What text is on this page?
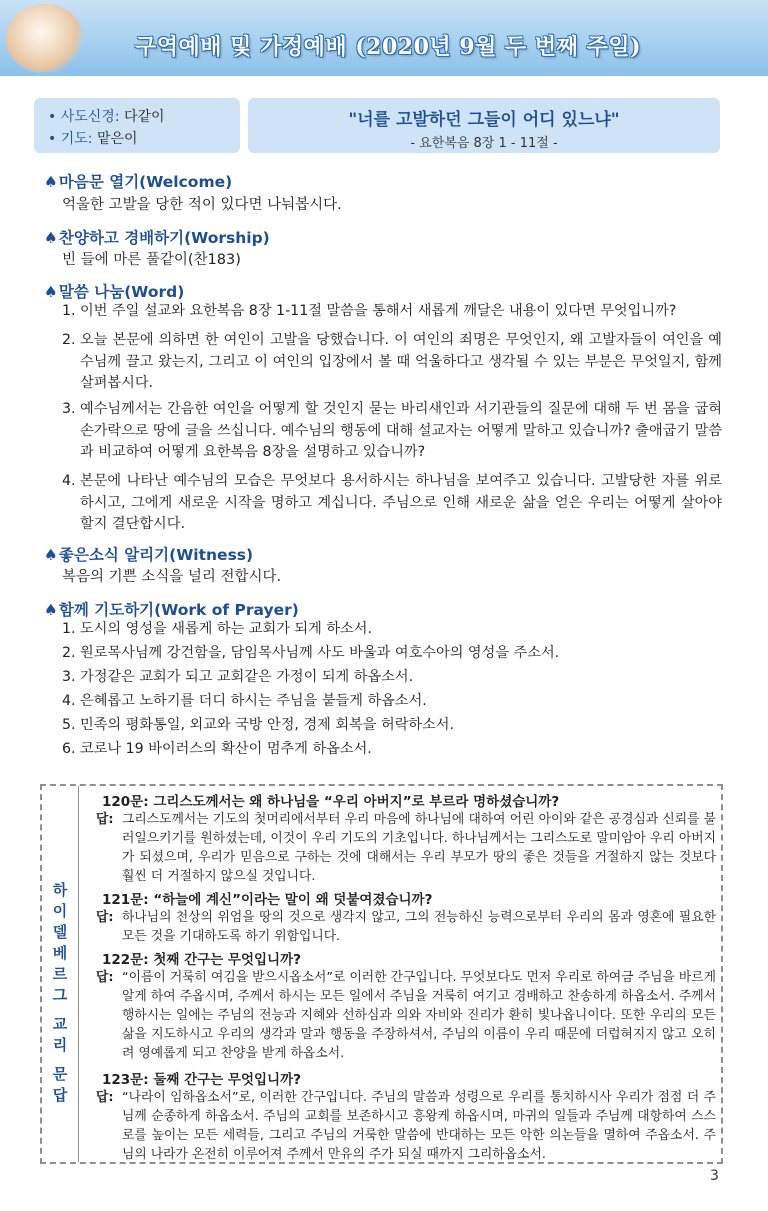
구역예배 및 가정예배 (2020년 9월 두 번째 주일)
• 사도신경: 다같이
• 기도: 맡은이
"너를 고발하던 그들이 어디 있느냐"
- 요한복음 8장 1 - 11절 -
♠마음문 열기(Welcome)
억울한 고발을 당한 적이 있다면 나눠봅시다.
♠찬양하고 경배하기(Worship)
빈 들에 마른 풀같이(찬183)
♠말씀 나눔(Word)
1. 이번 주일 설교와 요한복음 8장 1-11절 말씀을 통해서 새롭게 깨달은 내용이 있다면 무엇입니까?
2. 오늘 본문에 의하면 한 여인이 고발을 당했습니다. 이 여인의 죄명은 무엇인지, 왜 고발자들이 여인을 예수님께 끌고 왔는지, 그리고 이 여인의 입장에서 볼 때 억울하다고 생각될 수 있는 부분은 무엇일지, 함께 살펴봅시다.
3. 예수님께서는 간음한 여인을 어떻게 할 것인지 묻는 바리새인과 서기관들의 질문에 대해 두 번 몸을 굽혀 손가락으로 땅에 글을 쓰십니다. 예수님의 행동에 대해 설교자는 어떻게 말하고 있습니까? 출애굽기 말씀과 비교하여 어떻게 요한복음 8장을 설명하고 있습니까?
4. 본문에 나타난 예수님의 모습은 무엇보다 용서하시는 하나님을 보여주고 있습니다. 고발당한 자를 위로하시고, 그에게 새로운 시작을 명하고 계십니다. 주님으로 인해 새로운 삶을 얻은 우리는 어떻게 살아야할지 결단합시다.
♠좋은소식 알리기(Witness)
복음의 기쁜 소식을 널리 전합시다.
♠함께 기도하기(Work of Prayer)
1. 도시의 영성을 새롭게 하는 교회가 되게 하소서.
2. 원로목사님께 강건함을, 담임목사님께 사도 바울과 여호수아의 영성을 주소서.
3. 가정같은 교회가 되고 교회같은 가정이 되게 하옵소서.
4. 은혜롭고 노하기를 더디 하시는 주님을 붙들게 하옵소서.
5. 민족의 평화통일, 외교와 국방 안정, 경제 회복을 허락하소서.
6. 코로나 19 바이러스의 확산이 멈추게 하옵소서.
하
이
델
베
르
그
교
리
문
답
120문: 그리스도께서는 왜 하나님을 “우리 아버지”로 부르라 명하셨습니까?
답: 그리스도께서는 기도의 첫머리에서부터 우리 마음에 하나님에 대하여 어린 아이와 같은 공경심과 신뢰를 불러일으키기를 원하셨는데, 이것이 우리 기도의 기초입니다. 하나님께서는 그리스도로 말미암아 우리 아버지가 되셨으며, 우리가 믿음으로 구하는 것에 대해서는 우리 부모가 땅의 좋은 것들을 거절하지 않는 것보다 훨씬 더 거절하지 않으실 것입니다.
121문: “하늘에 계신”이라는 말이 왜 덧붙여졌습니까?
답: 하나님의 천상의 위엄을 땅의 것으로 생각지 않고, 그의 전능하신 능력으로부터 우리의 몸과 영혼에 필요한 모든 것을 기대하도록 하기 위함입니다.
122문: 첫째 간구는 무엇입니까?
답: “이름이 거룩히 여김을 받으시옵소서”로 이러한 간구입니다. 무엇보다도 먼저 우리로 하여금 주님을 바르게 알게 하여 주옵시며, 주께서 하시는 모든 일에서 주님을 거룩히 여기고 경배하고 찬송하게 하옵소서. 주께서 행하시는 일에는 주님의 전능과 지혜와 선하심과 의와 자비와 진리가 환히 빛나옵니이다. 또한 우리의 모든 삶을 지도하시고 우리의 생각과 말과 행동을 주장하셔서, 주님의 이름이 우리 때문에 더럽혀지지 않고 오히려 영예롭게 되고 찬양을 받게 하옵소서.
123문: 둘째 간구는 무엇입니까?
답: “나라이 임하옵소서”로, 이러한 간구입니다. 주님의 말씀과 성령으로 우리를 통치하시사 우리가 점점 더 주님께 순종하게 하옵소서. 주님의 교회를 보존하시고 흥왕케 하옵시며, 마귀의 일들과 주님께 대항하여 스스로를 높이는 모든 세력들, 그리고 주님의 거룩한 말씀에 반대하는 모든 악한 의논들을 멸하여 주옵소서. 주님의 나라가 온전히 이루어져 주께서 만유의 주가 되실 때까지 그리하옵소서.
3
